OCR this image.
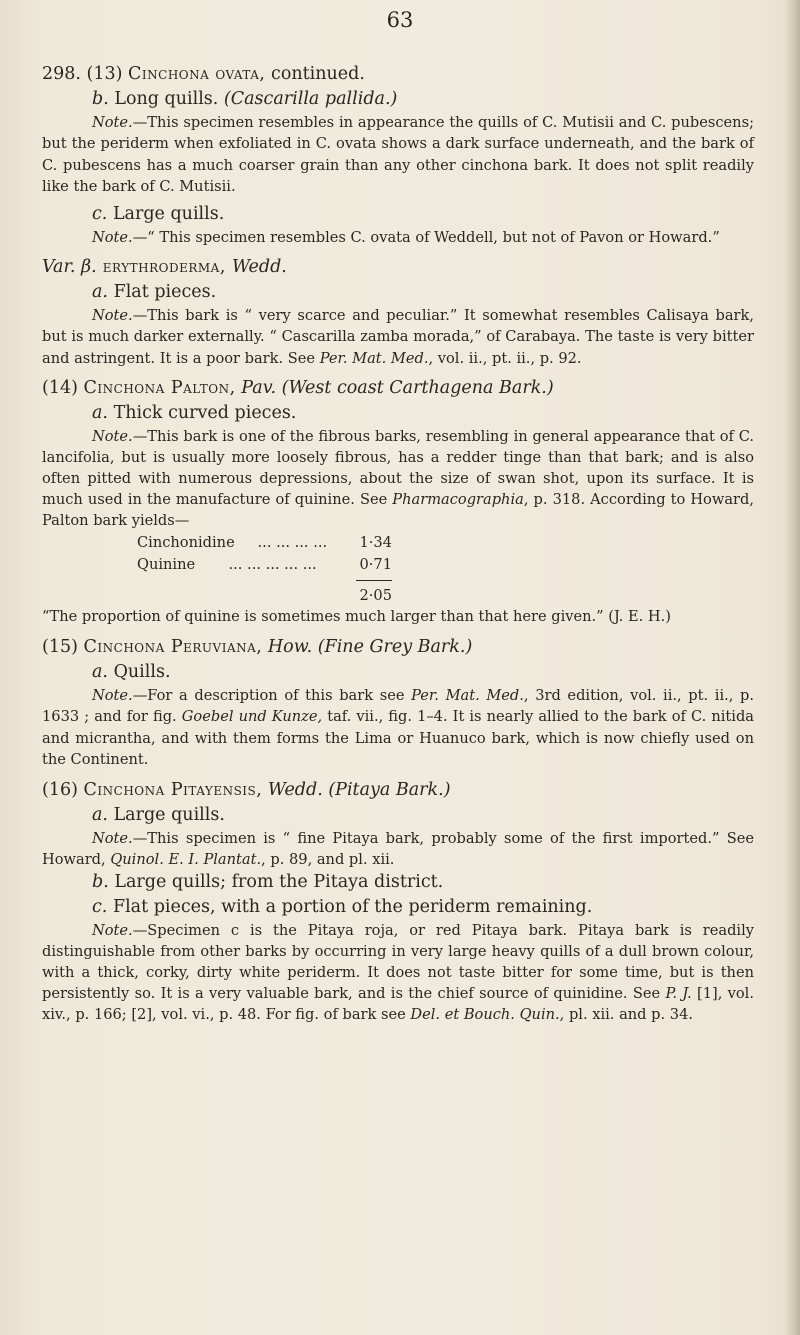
63

298. (13) Cinchona ovata, continued.

b. Long quills. (Cascarilla pallida.)

Note.—This specimen resembles in appearance the quills of C. Mutisii and C. pubescens; but the periderm when exfoliated in C. ovata shows a dark surface underneath, and the bark of C. pubescens has a much coarser grain than any other cinchona bark. It does not split readily like the bark of C. Mutisii.

c. Large quills.

Note.—“ This specimen resembles C. ovata of Weddell, but not of Pavon or Howard.”

Var. β. erythroderma, Wedd.

a. Flat pieces.

Note.—This bark is “ very scarce and peculiar.” It somewhat resembles Calisaya bark, but is much darker externally. “ Cascarilla zamba morada,” of Carabaya. The taste is very bitter and astringent. It is a poor bark. See Per. Mat. Med., vol. ii., pt. ii., p. 92.

(14) Cinchona Palton, Pav. (West coast Carthagena Bark.)

a. Thick curved pieces.

Note.—This bark is one of the fibrous barks, resembling in general appearance that of C. lancifolia, but is usually more loosely fibrous, has a redder tinge than that bark; and is also often pitted with numerous depressions, about the size of swan shot, upon its surface. It is much used in the manufacture of quinine. See Pharmacographia, p. 318. According to Howard, Palton bark yields—

Cinchonidine ... ... ... ...	1·34
Quinine ... ... ... ... ...	0·71
2·05

“The proportion of quinine is sometimes much larger than that here given.” (J. E. H.)

(15) Cinchona Peruviana, How. (Fine Grey Bark.)

a. Quills.

Note.—For a description of this bark see Per. Mat. Med., 3rd edition, vol. ii., pt. ii., p. 1633 ; and for fig. Goebel und Kunze, taf. vii., fig. 1–4. It is nearly allied to the bark of C. nitida and micrantha, and with them forms the Lima or Huanuco bark, which is now chiefly used on the Continent.

(16) Cinchona Pitayensis, Wedd. (Pitaya Bark.)

a. Large quills.

Note.—This specimen is “ fine Pitaya bark, probably some of the first imported.” See Howard, Quinol. E. I. Plantat., p. 89, and pl. xii.

b. Large quills; from the Pitaya district.

c. Flat pieces, with a portion of the periderm remaining.

Note.—Specimen c is the Pitaya roja, or red Pitaya bark. Pitaya bark is readily distinguishable from other barks by occurring in very large heavy quills of a dull brown colour, with a thick, corky, dirty white periderm. It does not taste bitter for some time, but is then persistently so. It is a very valuable bark, and is the chief source of quinidine. See P. J. [1], vol. xiv., p. 166; [2], vol. vi., p. 48. For fig. of bark see Del. et Bouch. Quin., pl. xii. and p. 34.
